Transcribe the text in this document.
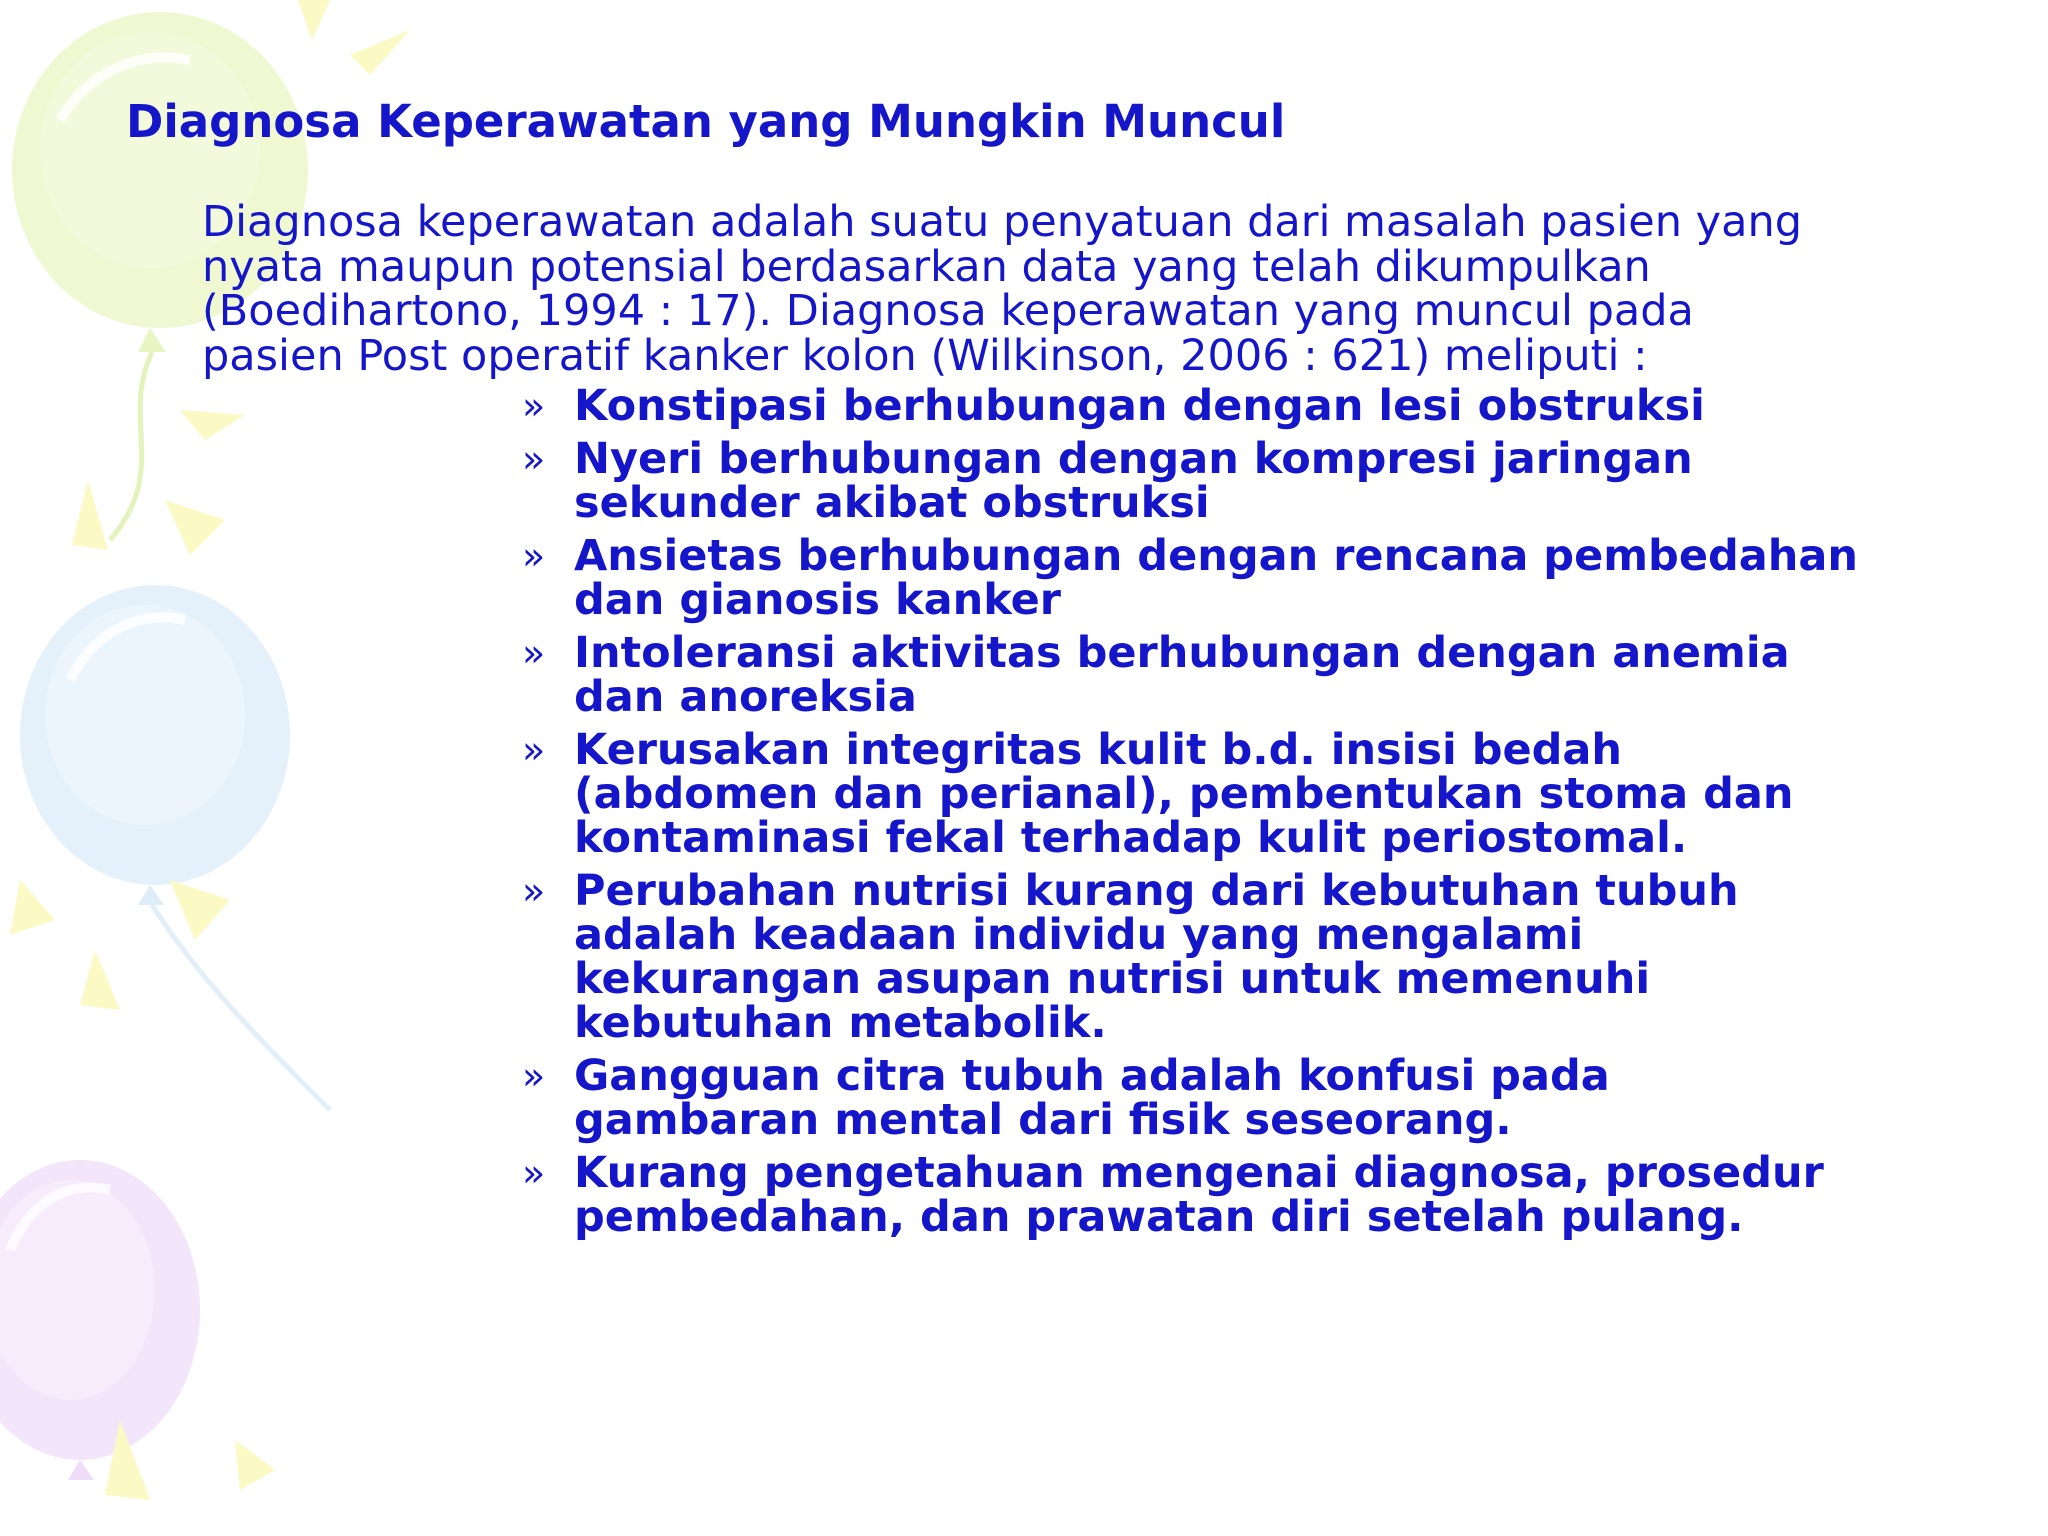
Diagnosa Keperawatan yang Mungkin Muncul

Diagnosa keperawatan adalah suatu penyatuan dari masalah pasien yang
nyata maupun potensial berdasarkan data yang telah dikumpulkan
(Boedihartono, 1994 : 17). Diagnosa keperawatan yang muncul pada
pasien Post operatif kanker kolon (Wilkinson, 2006 : 621) meliputi :

» Konstipasi berhubungan dengan lesi obstruksi
» Nyeri berhubungan dengan kompresi jaringan
sekunder akibat obstruksi
» Ansietas berhubungan dengan rencana pembedahan
dan gianosis kanker
» Intoleransi aktivitas berhubungan dengan anemia
dan anoreksia
» Kerusakan integritas kulit b.d. insisi bedah
(abdomen dan perianal), pembentukan stoma dan
kontaminasi fekal terhadap kulit periostomal.
» Perubahan nutrisi kurang dari kebutuhan tubuh
adalah keadaan individu yang mengalami
kekurangan asupan nutrisi untuk memenuhi
kebutuhan metabolik.
» Gangguan citra tubuh adalah konfusi pada
gambaran mental dari fisik seseorang.
» Kurang pengetahuan mengenai diagnosa, prosedur
pembedahan, dan prawatan diri setelah pulang.
